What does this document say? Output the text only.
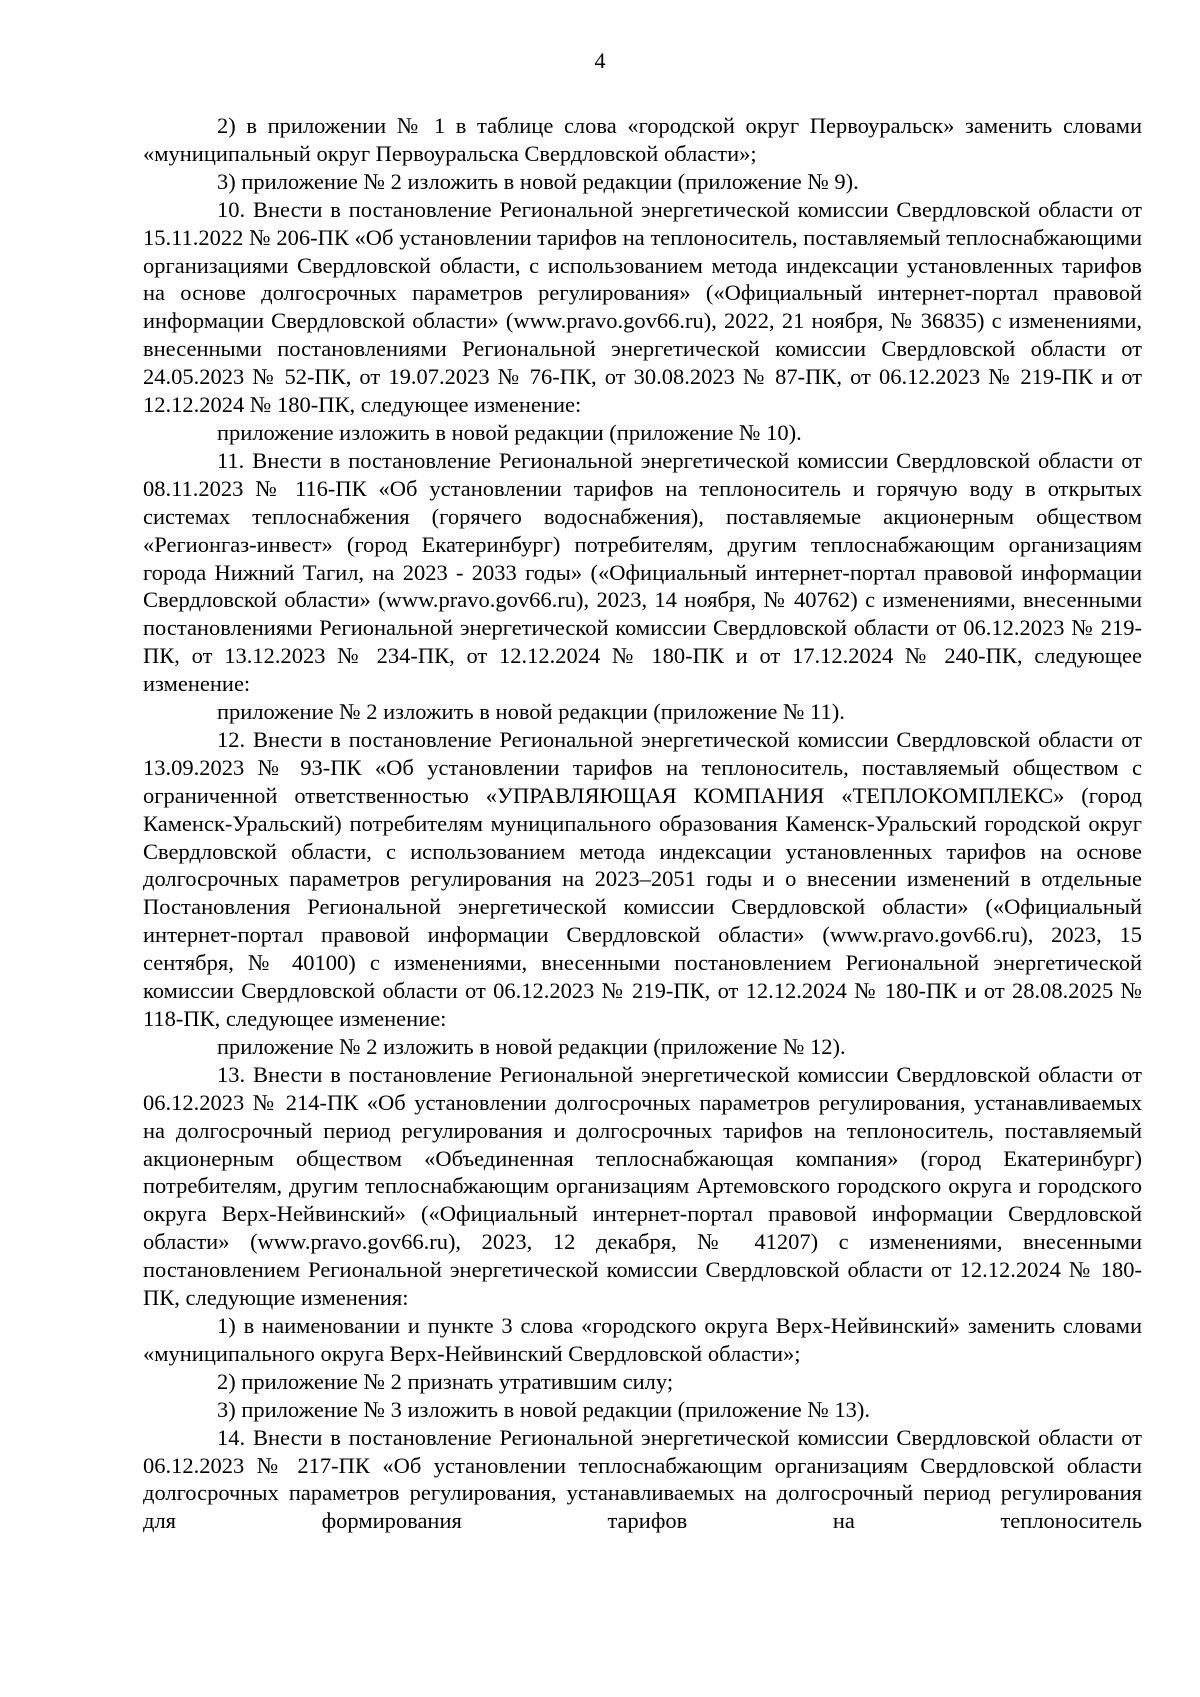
4

2) в приложении № 1 в таблице слова «городской округ Первоуральск» заменить словами «муниципальный округ Первоуральска Свердловской области»;

3) приложение № 2 изложить в новой редакции (приложение № 9).

10. Внести в постановление Региональной энергетической комиссии Свердловской области от 15.11.2022 № 206-ПК «Об установлении тарифов на теплоноситель, поставляемый теплоснабжающими организациями Свердловской области, с использованием метода индексации установленных тарифов на основе долгосрочных параметров регулирования» («Официальный интернет-портал правовой информации Свердловской области» (www.pravo.gov66.ru), 2022, 21 ноября, № 36835) с изменениями, внесенными постановлениями Региональной энергетической комиссии Свердловской области от 24.05.2023 № 52-ПК, от 19.07.2023 № 76-ПК, от 30.08.2023 № 87-ПК, от 06.12.2023 № 219-ПК и от 12.12.2024 № 180-ПК, следующее изменение:

приложение изложить в новой редакции (приложение № 10).

11. Внести в постановление Региональной энергетической комиссии Свердловской области от 08.11.2023 № 116-ПК «Об установлении тарифов на теплоноситель и горячую воду в открытых системах теплоснабжения (горячего водоснабжения), поставляемые акционерным обществом «Регионгаз-инвест» (город Екатеринбург) потребителям, другим теплоснабжающим организациям города Нижний Тагил, на 2023 - 2033 годы» («Официальный интернет-портал правовой информации Свердловской области» (www.pravo.gov66.ru), 2023, 14 ноября, № 40762) с изменениями, внесенными постановлениями Региональной энергетической комиссии Свердловской области от 06.12.2023 № 219-ПК, от 13.12.2023 № 234-ПК, от 12.12.2024 № 180-ПК и от 17.12.2024 № 240-ПК, следующее изменение:

приложение № 2 изложить в новой редакции (приложение № 11).

12. Внести в постановление Региональной энергетической комиссии Свердловской области от 13.09.2023 № 93-ПК «Об установлении тарифов на теплоноситель, поставляемый обществом с ограниченной ответственностью «УПРАВЛЯЮЩАЯ КОМПАНИЯ «ТЕПЛОКОМПЛЕКС» (город Каменск-Уральский) потребителям муниципального образования Каменск-Уральский городской округ Свердловской области, с использованием метода индексации установленных тарифов на основе долгосрочных параметров регулирования на 2023–2051 годы и о внесении изменений в отдельные Постановления Региональной энергетической комиссии Свердловской области» («Официальный интернет-портал правовой информации Свердловской области» (www.pravo.gov66.ru), 2023, 15 сентября, № 40100) с изменениями, внесенными постановлением Региональной энергетической комиссии Свердловской области от 06.12.2023 № 219-ПК, от 12.12.2024 № 180-ПК и от 28.08.2025 № 118-ПК, следующее изменение:

приложение № 2 изложить в новой редакции (приложение № 12).

13. Внести в постановление Региональной энергетической комиссии Свердловской области от 06.12.2023 № 214-ПК «Об установлении долгосрочных параметров регулирования, устанавливаемых на долгосрочный период регулирования и долгосрочных тарифов на теплоноситель, поставляемый акционерным обществом «Объединенная теплоснабжающая компания» (город Екатеринбург) потребителям, другим теплоснабжающим организациям Артемовского городского округа и городского округа Верх-Нейвинский» («Официальный интернет-портал правовой информации Свердловской области» (www.pravo.gov66.ru), 2023, 12 декабря, № 41207) с изменениями, внесенными постановлением Региональной энергетической комиссии Свердловской области от 12.12.2024 № 180-ПК, следующие изменения:

1) в наименовании и пункте 3 слова «городского округа Верх-Нейвинский» заменить словами «муниципального округа Верх-Нейвинский Свердловской области»;

2) приложение № 2 признать утратившим силу;

3) приложение № 3 изложить в новой редакции (приложение № 13).

14. Внести в постановление Региональной энергетической комиссии Свердловской области от 06.12.2023 № 217-ПК «Об установлении теплоснабжающим организациям Свердловской области долгосрочных параметров регулирования, устанавливаемых на долгосрочный период регулирования для формирования тарифов на теплоноситель
